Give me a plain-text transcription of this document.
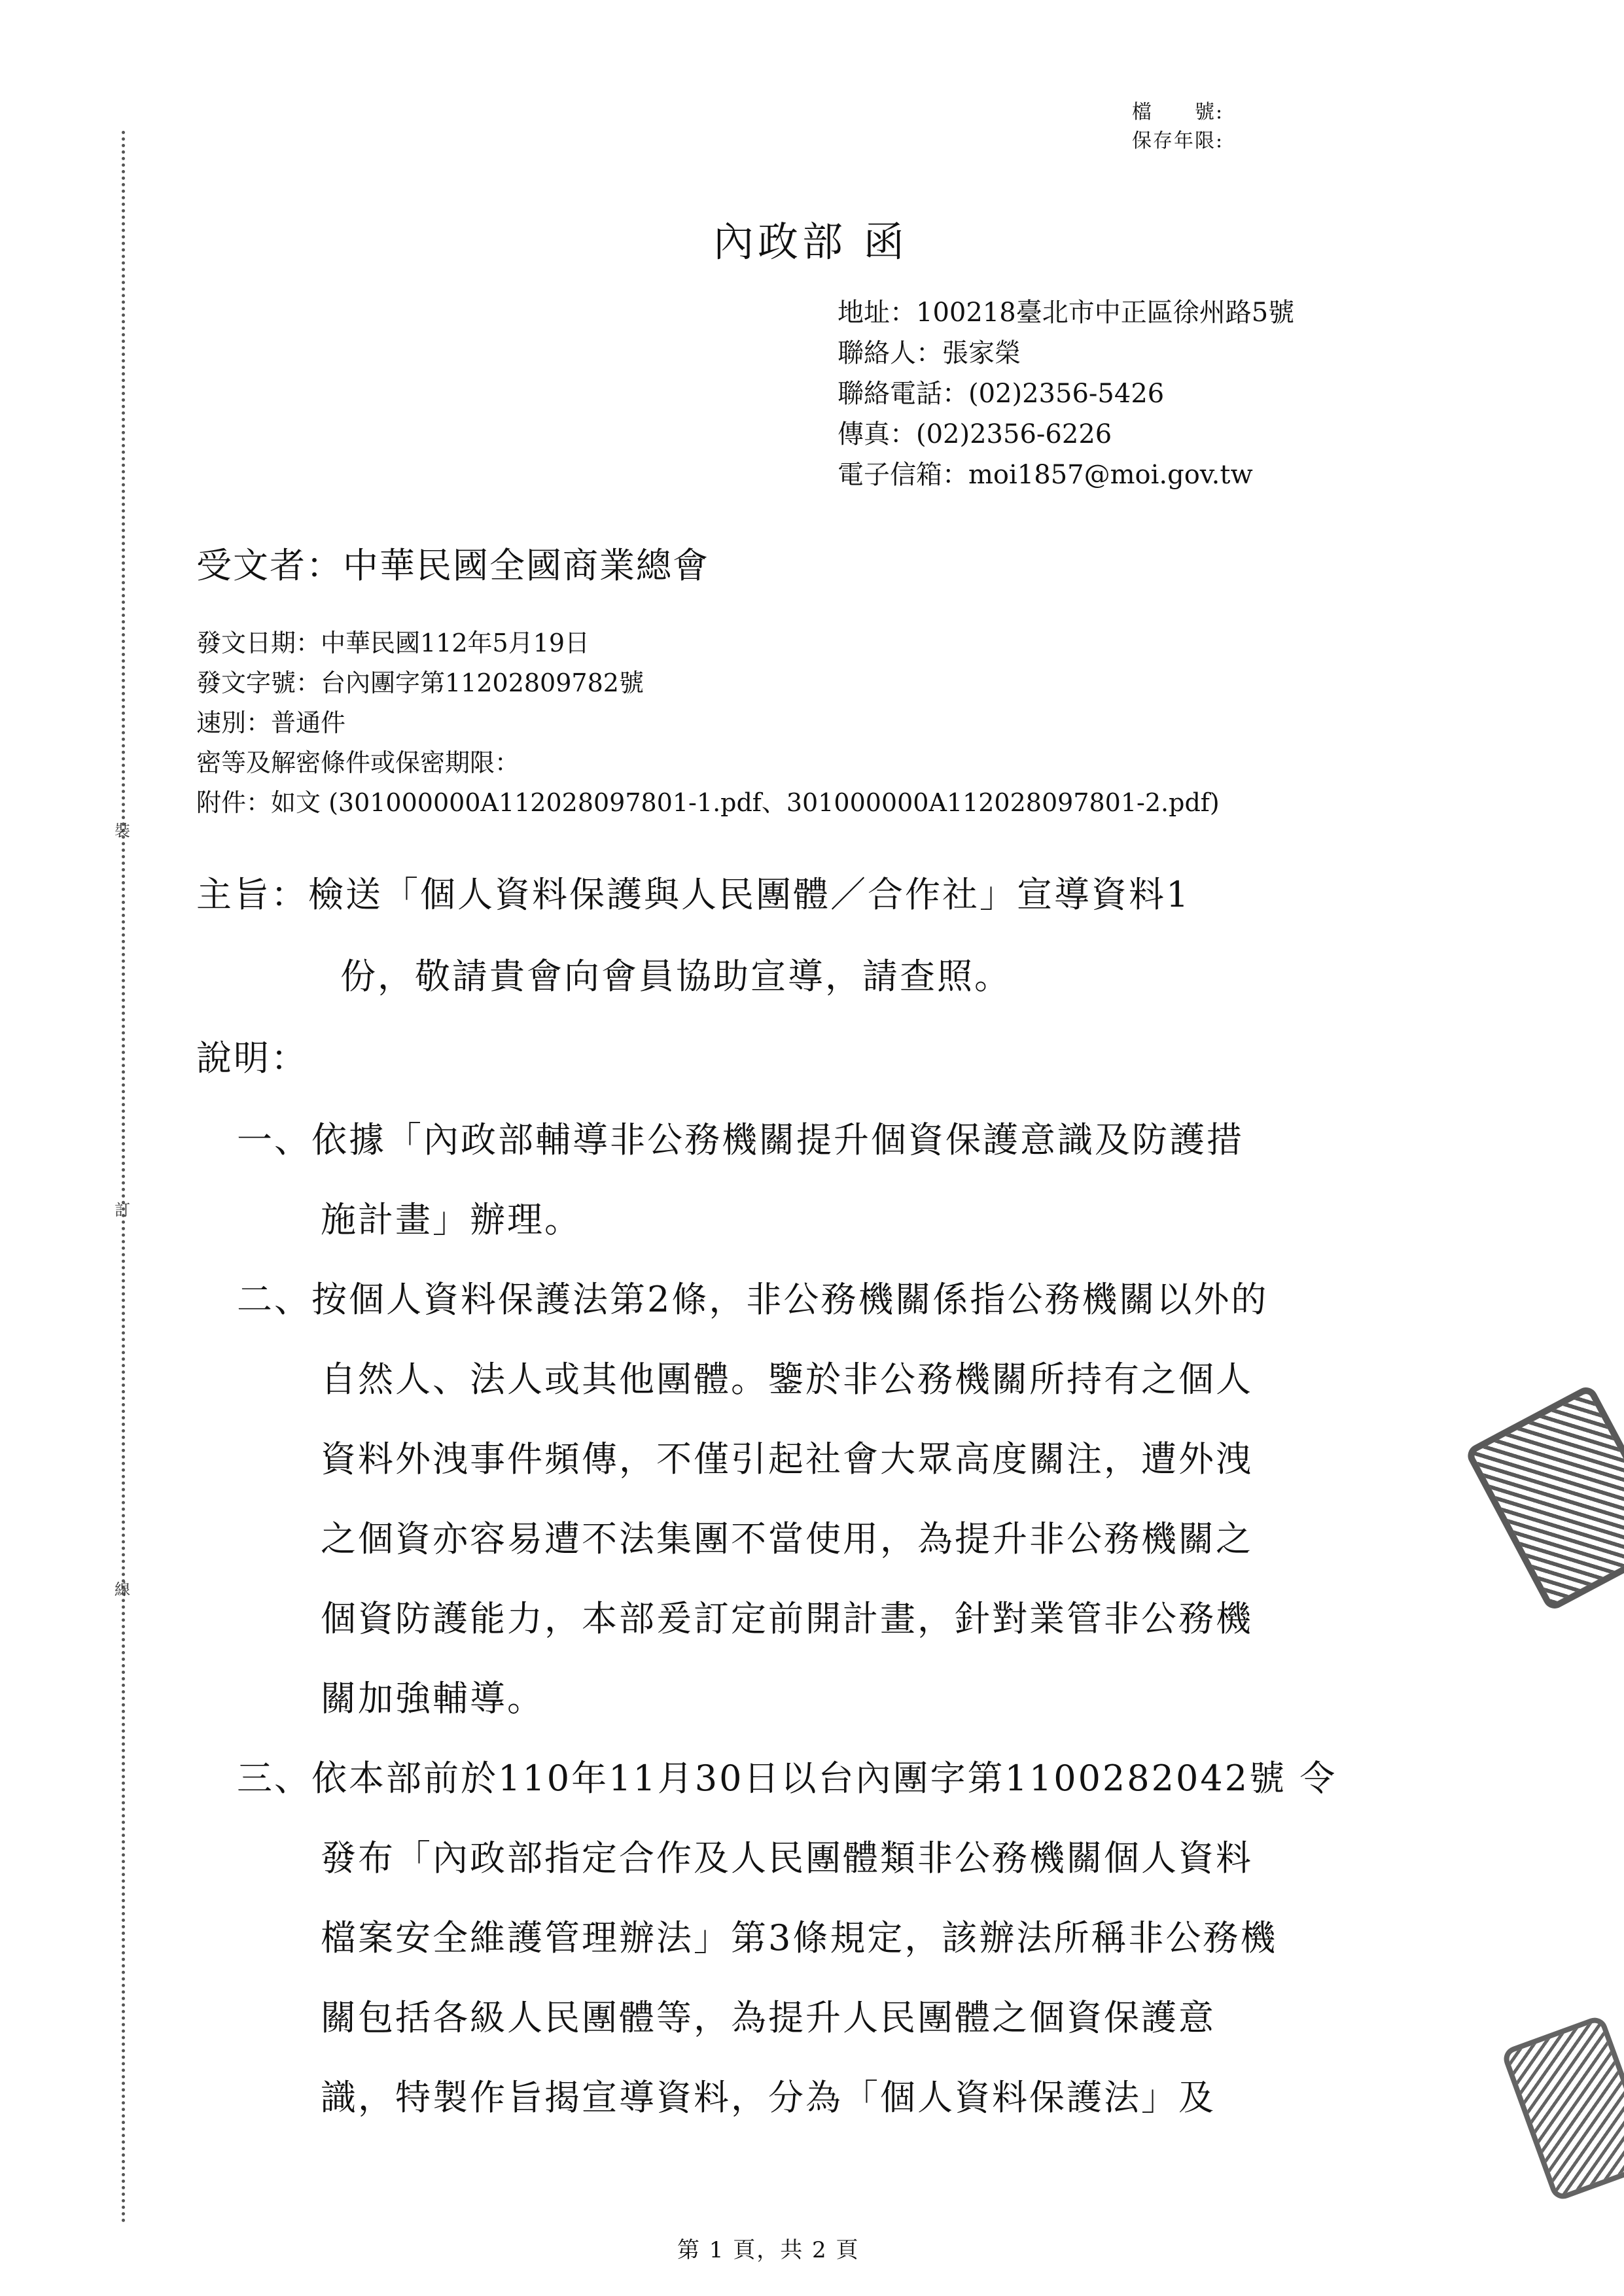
裝
訂
線
檔　　號:
保存年限:
內政部 函
地址：100218臺北市中正區徐州路5號
聯絡人：張家榮
聯絡電話：(02)2356-5426
傳真：(02)2356-6226
電子信箱：moi1857@moi.gov.tw
受文者：中華民國全國商業總會
發文日期：中華民國112年5月19日
發文字號：台內團字第11202809782號
速別：普通件
密等及解密條件或保密期限：
附件：如文 (301000000A112028097801-1.pdf、301000000A112028097801-2.pdf)
主旨：檢送「個人資料保護與人民團體／合作社」宣導資料1
份，敬請貴會向會員協助宣導，請查照。
說明：
一、依據「內政部輔導非公務機關提升個資保護意識及防護措
施計畫」辦理。
二、按個人資料保護法第2條，非公務機關係指公務機關以外的
自然人、法人或其他團體。鑒於非公務機關所持有之個人
資料外洩事件頻傳，不僅引起社會大眾高度關注，遭外洩
之個資亦容易遭不法集團不當使用，為提升非公務機關之
個資防護能力，本部爰訂定前開計畫，針對業管非公務機
關加強輔導。
三、依本部前於110年11月30日以台內團字第1100282042號 令
發布「內政部指定合作及人民團體類非公務機關個人資料
檔案安全維護管理辦法」第3條規定，該辦法所稱非公務機
關包括各級人民團體等，為提升人民團體之個資保護意
識，特製作旨揭宣導資料，分為「個人資料保護法」及
第 1 頁，共 2 頁
